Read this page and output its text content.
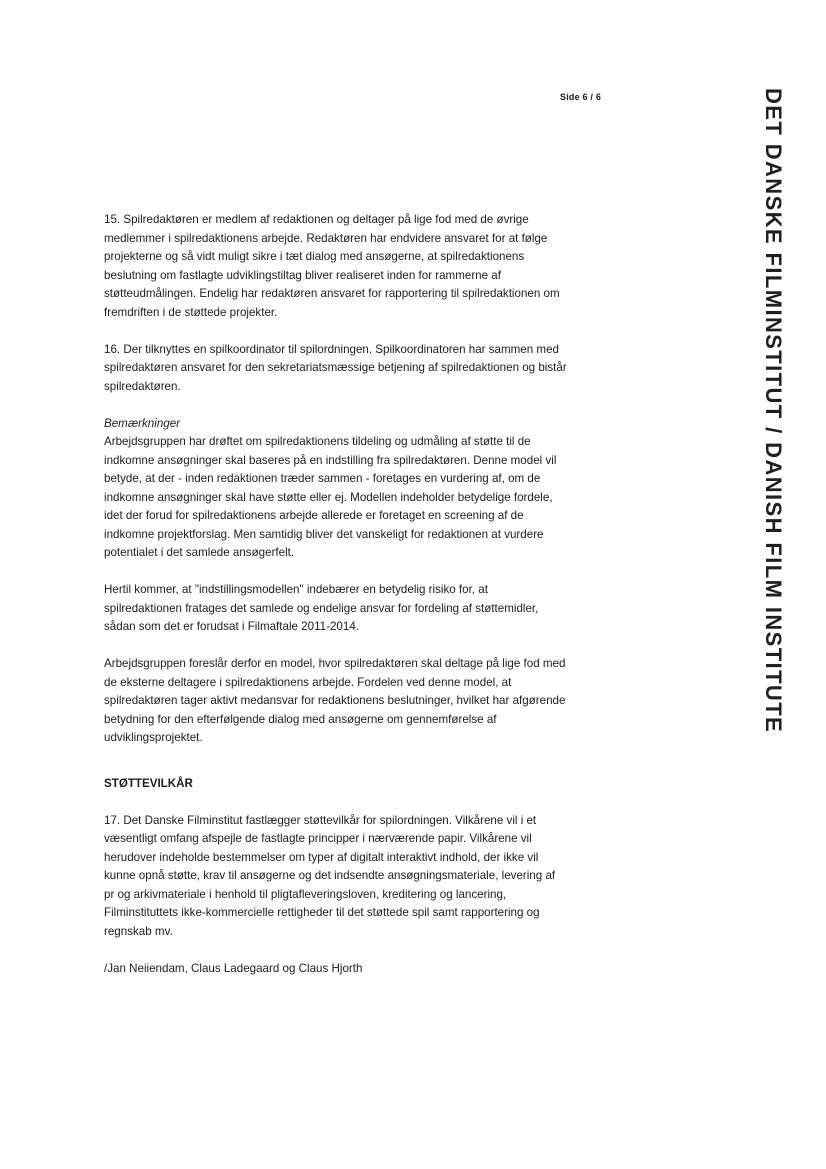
Side 6 / 6	DET DANSKE FILMINSTITUT / DANISH FILM INSTITUTE

15. Spilredaktøren er medlem af redaktionen og deltager på lige fod med de øvrige
medlemmer i spilredaktionens arbejde. Redaktøren har endvidere ansvaret for at følge
projekterne og så vidt muligt sikre i tæt dialog med ansøgerne, at spilredaktionens
beslutning om fastlagte udviklingstiltag bliver realiseret inden for rammerne af
støtteudmålingen. Endelig har redaktøren ansvaret for rapportering til spilredaktionen om
fremdriften i de støttede projekter.

16. Der tilknyttes en spilkoordinator til spilordningen. Spilkoordinatoren har sammen med
spilredaktøren ansvaret for den sekretariatsmæssige betjening af spilredaktionen og bistår
spilredaktøren.

Bemærkninger

Arbejdsgruppen har drøftet om spilredaktionens tildeling og udmåling af støtte til de
indkomne ansøgninger skal baseres på en indstilling fra spilredaktøren. Denne model vil
betyde, at der - inden redaktionen træder sammen - foretages en vurdering af, om de
indkomne ansøgninger skal have støtte eller ej. Modellen indeholder betydelige fordele,
idet der forud for spilredaktionens arbejde allerede er foretaget en screening af de
indkomne projektforslag. Men samtidig bliver det vanskeligt for redaktionen at vurdere
potentialet i det samlede ansøgerfelt.

Hertil kommer, at "indstillingsmodellen" indebærer en betydelig risiko for, at
spilredaktionen fratages det samlede og endelige ansvar for fordeling af støttemidler,
sådan som det er forudsat i Filmaftale 2011-2014.

Arbejdsgruppen foreslår derfor en model, hvor spilredaktøren skal deltage på lige fod med
de eksterne deltagere i spilredaktionens arbejde. Fordelen ved denne model, at
spilredaktøren tager aktivt medansvar for redaktionens beslutninger, hvilket har afgørende
betydning for den efterfølgende dialog med ansøgerne om gennemførelse af
udviklingsprojektet.

STØTTEVILKÅR

17. Det Danske Filminstitut fastlægger støttevilkår for spilordningen. Vilkårene vil i et
væsentligt omfang afspejle de fastlagte principper i nærværende papir. Vilkårene vil
herudover indeholde bestemmelser om typer af digitalt interaktivt indhold, der ikke vil
kunne opnå støtte, krav til ansøgerne og det indsendte ansøgningsmateriale, levering af
pr og arkivmateriale i henhold til pligtafleveringsloven, kreditering og lancering,
Filminstituttets ikke-kommercielle rettigheder til det støttede spil samt rapportering og
regnskab mv.

/Jan Neiiendam, Claus Ladegaard og Claus Hjorth
